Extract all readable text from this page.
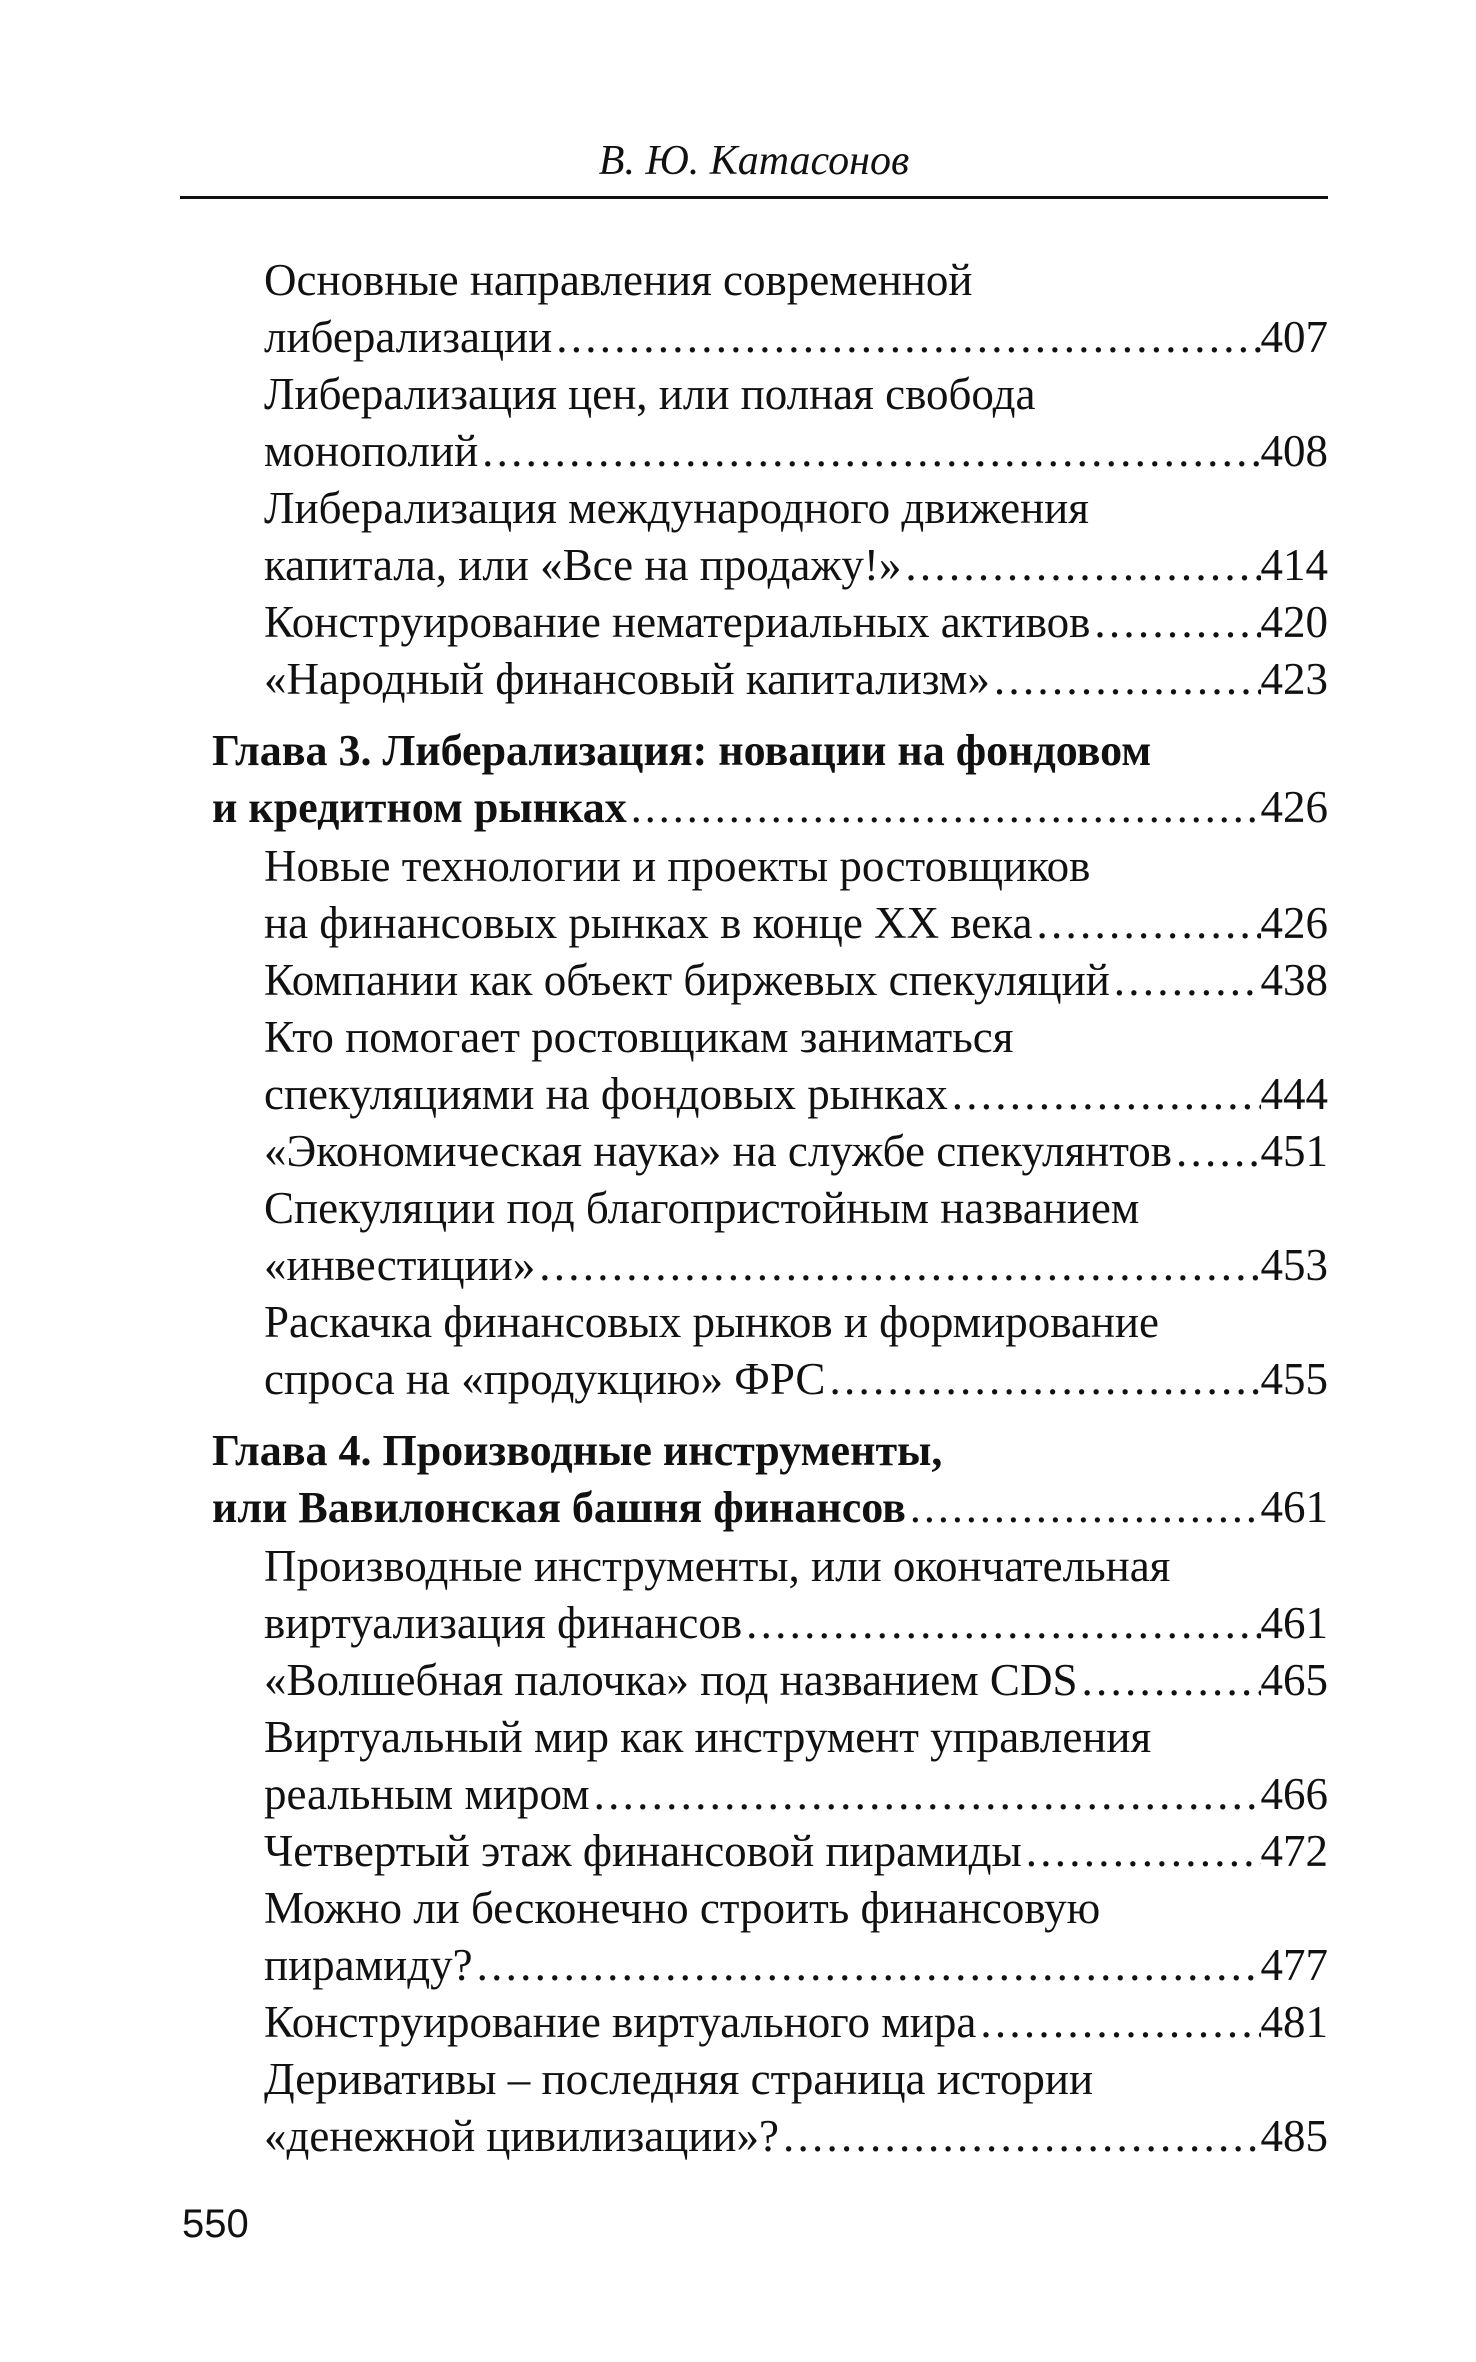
В. Ю. Катасонов
Основные направления современной
либерализации . . .	407
Либерализация цен, или полная свобода
монополий . . .	408
Либерализация международного движения
капитала, или «Все на продажу!» . . .	414
Конструирование нематериальных активов . . .	420
«Народный финансовый капитализм» . . .	423
Глава 3. Либерализация: новации на фондовом
и кредитном рынках . . .	426
Новые технологии и проекты ростовщиков
на финансовых рынках в конце XX века . . .	426
Компании как объект биржевых спекуляций . . .	438
Кто помогает ростовщикам заниматься
спекуляциями на фондовых рынках . . .	444
«Экономическая наука» на службе спекулянтов . . . 451
Спекуляции под благопристойным названием
«инвестиции» . . .	453
Раскачка финансовых рынков и формирование
спроса на «продукцию» ФРС . . .	455
Глава 4. Производные инструменты,
или Вавилонская башня финансов . . .	461
Производные инструменты, или окончательная
виртуализация финансов . . .	461
«Волшебная палочка» под названием CDS . . .	465
Виртуальный мир как инструмент управления
реальным миром . . .	466
Четвертый этаж финансовой пирамиды . . .	472
Можно ли бесконечно строить финансовую
пирамиду? . . .	477
Конструирование виртуального мира . . .	481
Деривативы – последняя страница истории
«денежной цивилизации»? . . .	485
550
